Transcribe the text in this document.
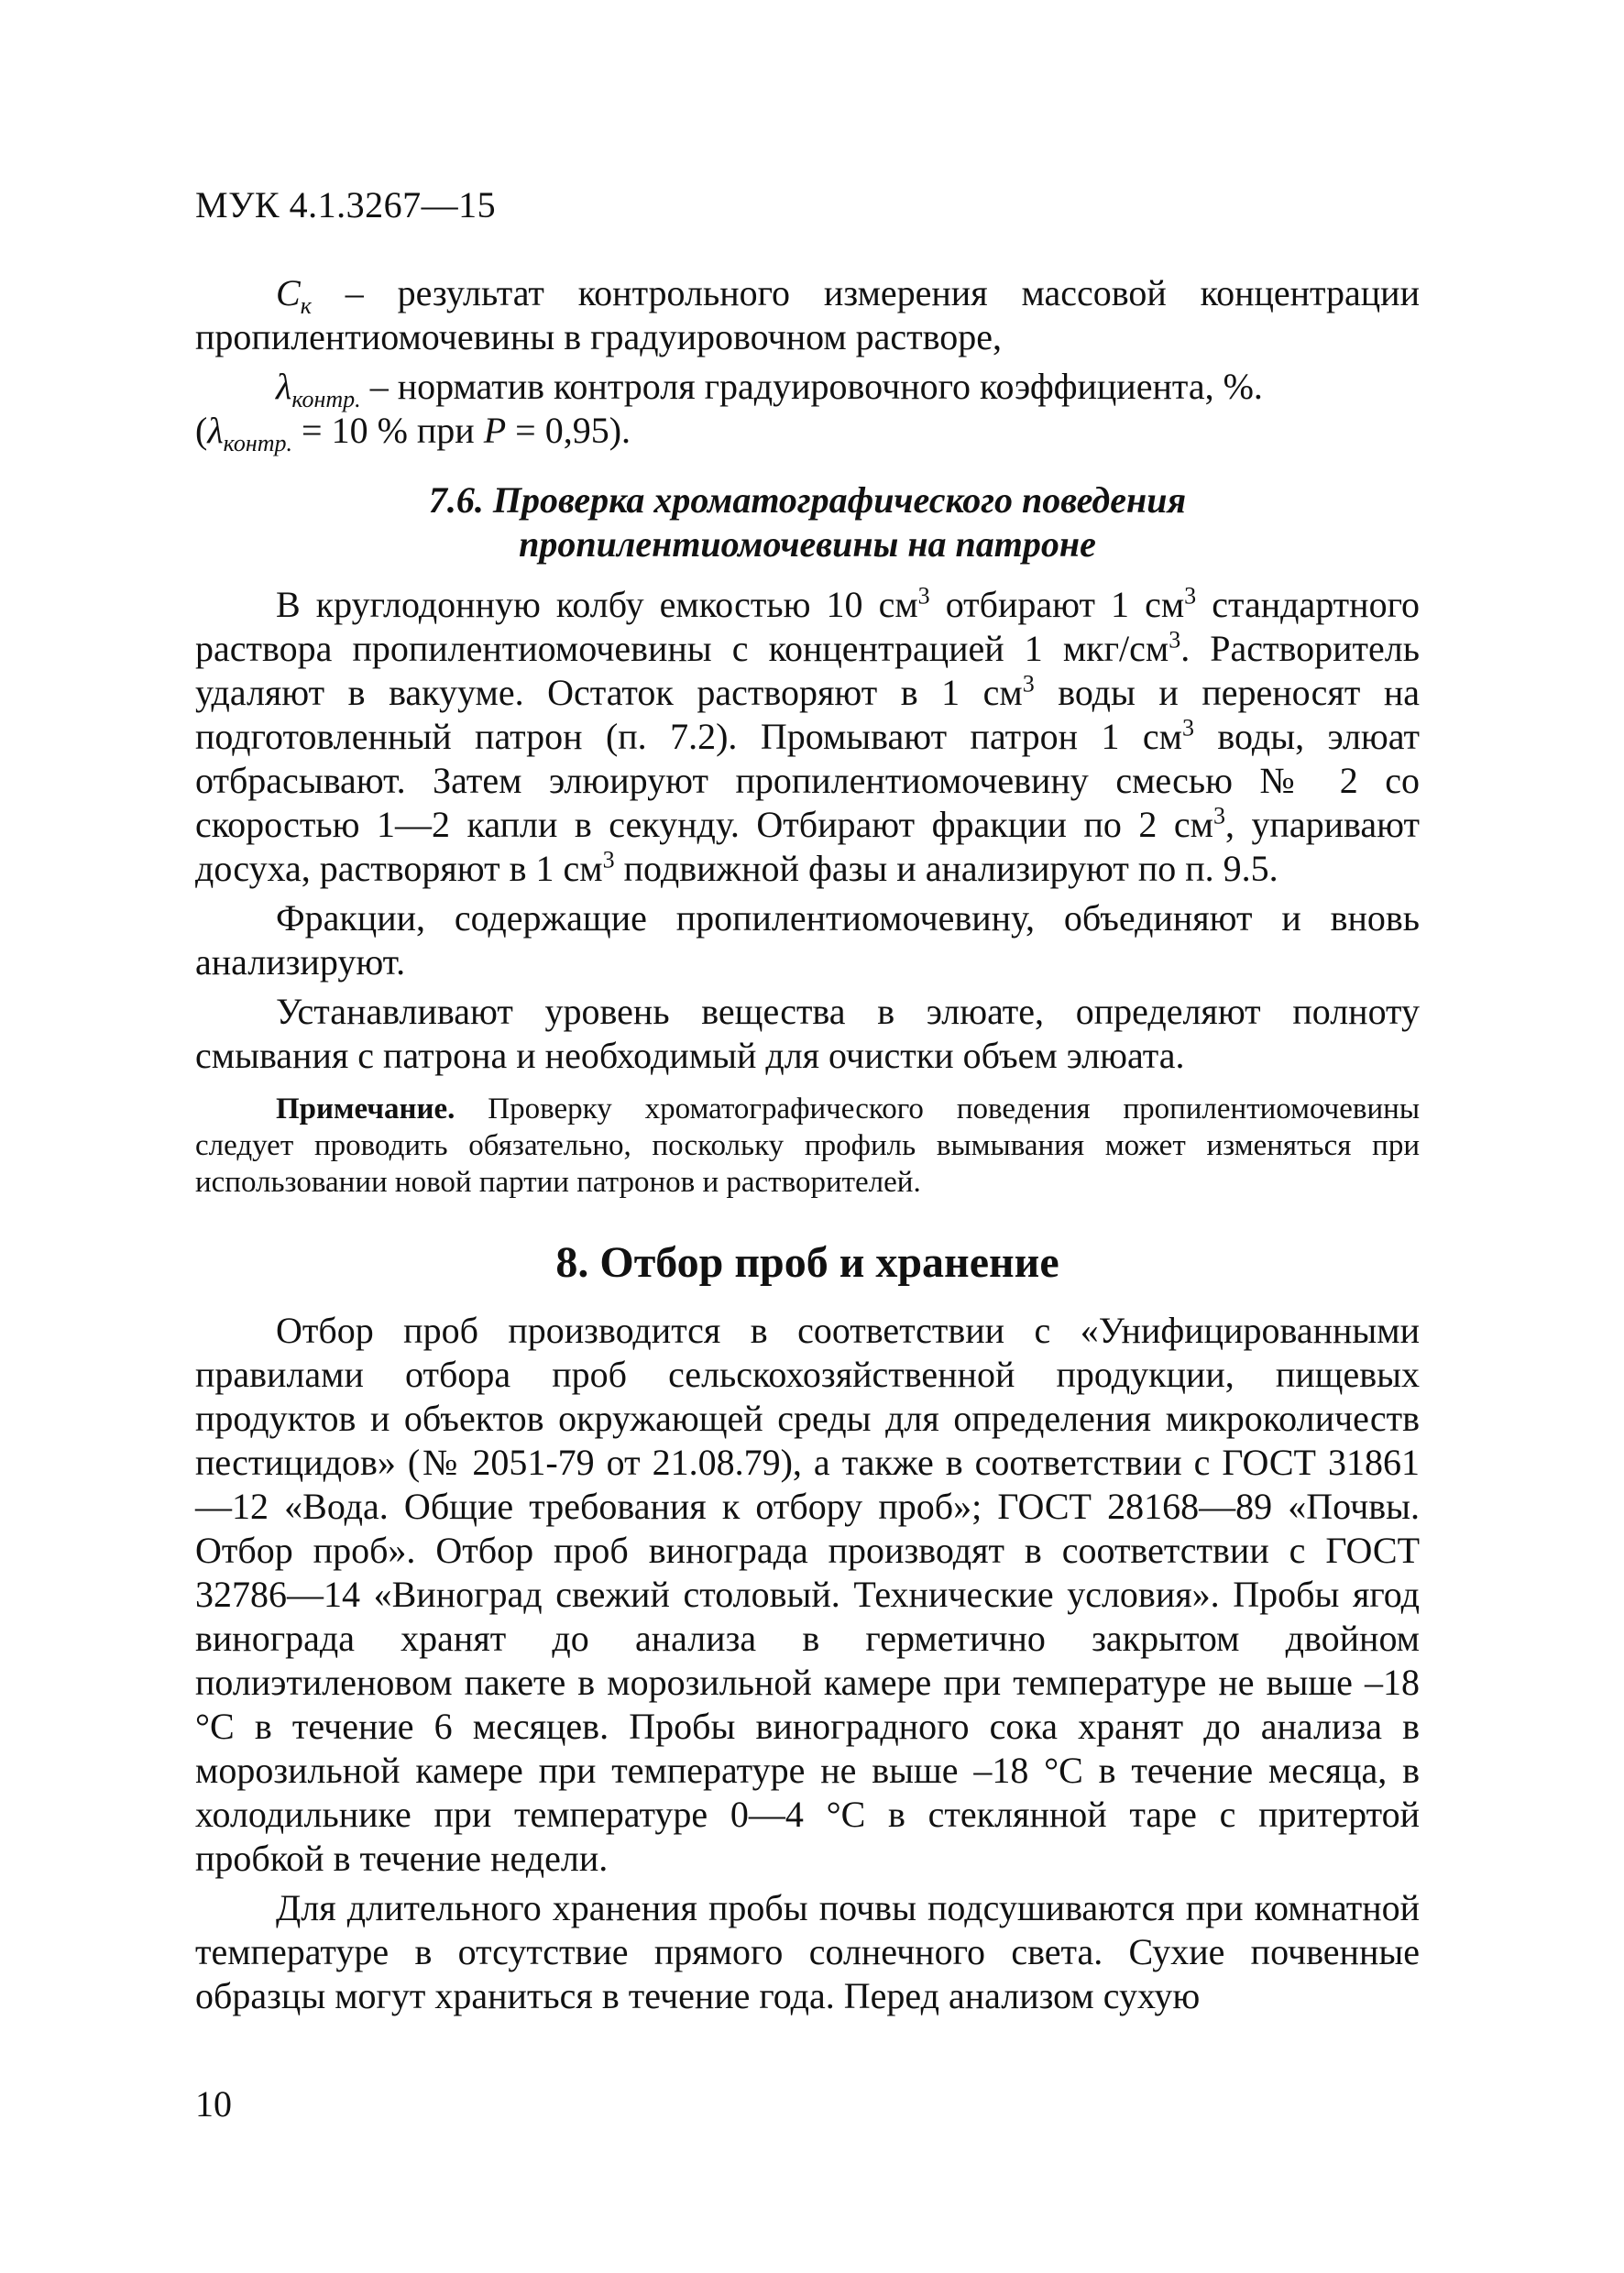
МУК 4.1.3267—15

$С_к$ – результат контрольного измерения массовой концентрации пропилентиомочевины в градуировочном растворе,

$\lambda_{контр.}$ – норматив контроля градуировочного коэффициента, %.
($\lambda_{контр.} = 10$ % при P = 0,95).

7.6. Проверка хроматографического поведения
пропилентиомочевины на патроне

В круглодонную колбу емкостью 10 $см^3$ отбирают 1 $см^3$ стандартного раствора пропилентиомочевины с концентрацией 1 мкг/$см^3$. Растворитель удаляют в вакууме. Остаток растворяют в 1 $см^3$ воды и переносят на подготовленный патрон (п. 7.2). Промывают патрон 1 $см^3$ воды, элюат отбрасывают. Затем элюируют пропилентиомочевину смесью № 2 со скоростью 1—2 капли в секунду. Отбирают фракции по 2 $см^3$, упаривают досуха, растворяют в 1 $см^3$ подвижной фазы и анализируют по п. 9.5.

Фракции, содержащие пропилентиомочевину, объединяют и вновь анализируют.

Устанавливают уровень вещества в элюате, определяют полноту смывания с патрона и необходимый для очистки объем элюата.

Примечание. Проверку хроматографического поведения пропилентиомочевины следует проводить обязательно, поскольку профиль вымывания может изменяться при использовании новой партии патронов и растворителей.

8. Отбор проб и хранение

Отбор проб производится в соответствии с «Унифицированными правилами отбора проб сельскохозяйственной продукции, пищевых продуктов и объектов окружающей среды для определения микроколичеств пестицидов» (№ 2051-79 от 21.08.79), а также в соответствии с ГОСТ 31861—12 «Вода. Общие требования к отбору проб»; ГОСТ 28168—89 «Почвы. Отбор проб». Отбор проб винограда производят в соответствии с ГОСТ 32786—14 «Виноград свежий столовый. Технические условия». Пробы ягод винограда хранят до анализа в герметично закрытом двойном полиэтиленовом пакете в морозильной камере при температуре не выше –18 °С в течение 6 месяцев. Пробы виноградного сока хранят до анализа в морозильной камере при температуре не выше –18 °С в течение месяца, в холодильнике при температуре 0—4 °С в стеклянной таре с притертой пробкой в течение недели.

Для длительного хранения пробы почвы подсушиваются при комнатной температуре в отсутствие прямого солнечного света. Сухие почвенные образцы могут храниться в течение года. Перед анализом сухую

10
